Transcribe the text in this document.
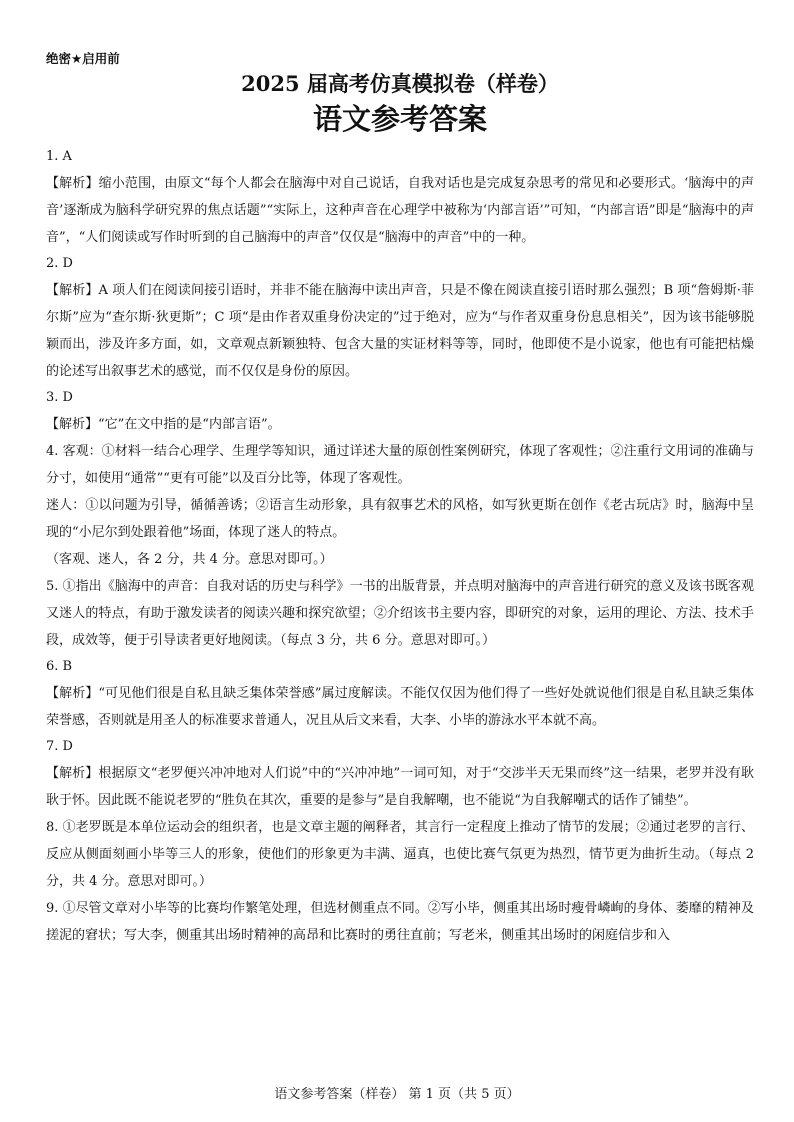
绝密★启用前

2025 届高考仿真模拟卷（样卷）
语文参考答案

1. A

【解析】缩小范围，由原文“每个人都会在脑海中对自己说话，自我对话也是完成复杂思考的常见和必要形式。‘脑海中的声音’逐渐成为脑科学研究界的焦点话题”“实际上，这种声音在心理学中被称为‘内部言语’”可知，“内部言语”即是“脑海中的声音”，“人们阅读或写作时听到的自己脑海中的声音”仅仅是“脑海中的声音”中的一种。

2. D

【解析】A 项人们在阅读间接引语时，并非不能在脑海中读出声音，只是不像在阅读直接引语时那么强烈；B 项“詹姆斯·菲尔斯”应为“查尔斯·狄更斯”；C 项“是由作者双重身份决定的”过于绝对，应为“与作者双重身份息息相关”，因为该书能够脱颖而出，涉及许多方面，如，文章观点新颖独特、包含大量的实证材料等等，同时，他即使不是小说家，他也有可能把枯燥的论述写出叙事艺术的感觉，而不仅仅是身份的原因。

3. D

【解析】“它”在文中指的是“内部言语”。

4. 客观：①材料一结合心理学、生理学等知识，通过详述大量的原创性案例研究，体现了客观性；②注重行文用词的准确与分寸，如使用“通常”“更有可能”以及百分比等，体现了客观性。

迷人：①以问题为引导，循循善诱；②语言生动形象，具有叙事艺术的风格，如写狄更斯在创作《老古玩店》时，脑海中呈现的“小尼尔到处跟着他”场面，体现了迷人的特点。

（客观、迷人，各 2 分，共 4 分。意思对即可。）

5. ①指出《脑海中的声音：自我对话的历史与科学》一书的出版背景，并点明对脑海中的声音进行研究的意义及该书既客观又迷人的特点，有助于激发读者的阅读兴趣和探究欲望；②介绍该书主要内容，即研究的对象，运用的理论、方法、技术手段，成效等，便于引导读者更好地阅读。（每点 3 分，共 6 分。意思对即可。）

6. B

【解析】“可见他们很是自私且缺乏集体荣誉感”属过度解读。不能仅仅因为他们得了一些好处就说他们很是自私且缺乏集体荣誉感，否则就是用圣人的标准要求普通人，况且从后文来看，大李、小毕的游泳水平本就不高。

7. D

【解析】根据原文“老罗便兴冲冲地对人们说”中的“兴冲冲地”一词可知，对于“交涉半天无果而终”这一结果，老罗并没有耿耿于怀。因此既不能说老罗的“胜负在其次，重要的是参与”是自我解嘲，也不能说“为自我解嘲式的话作了铺垫”。

8. ①老罗既是本单位运动会的组织者，也是文章主题的阐释者，其言行一定程度上推动了情节的发展；②通过老罗的言行、反应从侧面刻画小毕等三人的形象，使他们的形象更为丰满、逼真，也使比赛气氛更为热烈，情节更为曲折生动。（每点 2 分，共 4 分。意思对即可。）

9. ①尽管文章对小毕等的比赛均作繁笔处理，但选材侧重点不同。②写小毕，侧重其出场时瘦骨嶙峋的身体、萎靡的精神及搓泥的窘状；写大李，侧重其出场时精神的高昂和比赛时的勇往直前；写老米，侧重其出场时的闲庭信步和入

语文参考答案（样卷） 第 1 页（共 5 页）
